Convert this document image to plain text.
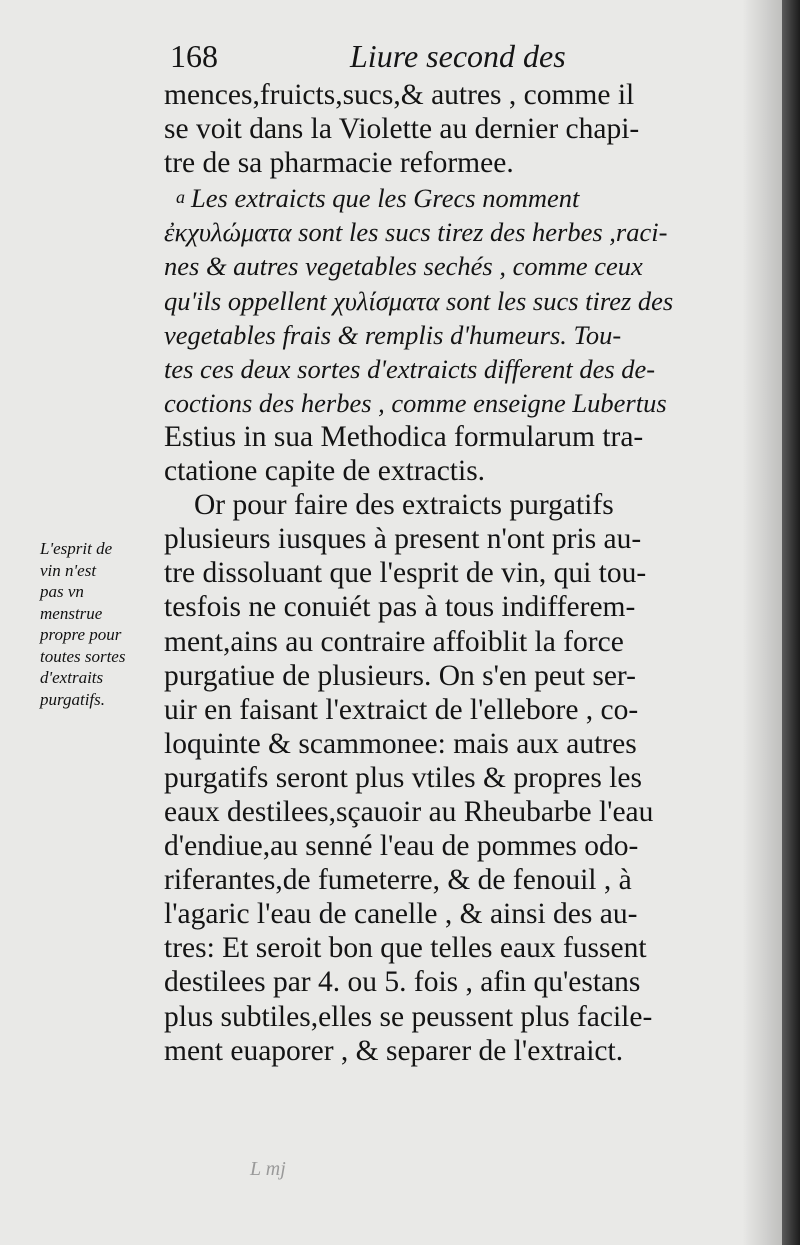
168	Liure second des
mences,fruicts,sucs,& autres , comme il
se voit dans la Violette au dernier chapi-
tre de sa pharmacie reformee.
a Les extraicts que les Grecs nomment
ἐκχυλώματα sont les sucs tirez des herbes ,raci-
nes & autres vegetables sechés , comme ceux
qu'ils oppellent χυλίσματα sont les sucs tirez des
vegetables frais & remplis d'humeurs. Tou-
tes ces deux sortes d'extraicts different des de-
coctions des herbes , comme enseigne Lubertus
Estius in sua Methodica formularum tra-
ctatione capite de extractis.
Or pour faire des extraicts purgatifs
plusieurs iusques à present n'ont pris au-
tre dissoluant que l'esprit de vin, qui tou-
tesfois ne conuiét pas à tous indifferem-
ment,ains au contraire affoiblit la force
purgatiue de plusieurs. On s'en peut ser-
uir en faisant l'extraict de l'ellebore , co-
loquinte & scammonee: mais aux autres
purgatifs seront plus vtiles & propres les
eaux destilees,sçauoir au Rheubarbe l'eau
d'endiue,au senné l'eau de pommes odo-
riferantes,de fumeterre, & de fenouil , à
l'agaric l'eau de canelle , & ainsi des au-
tres: Et seroit bon que telles eaux fussent
destilees par 4. ou 5. fois , afin qu'estans
plus subtiles,elles se peussent plus facile-
ment euaporer , & separer de l'extraict.
L'esprit de
vin n'est
pas vn
menstrue
propre pour
toutes sortes
d'extraits
purgatifs.
L mj
